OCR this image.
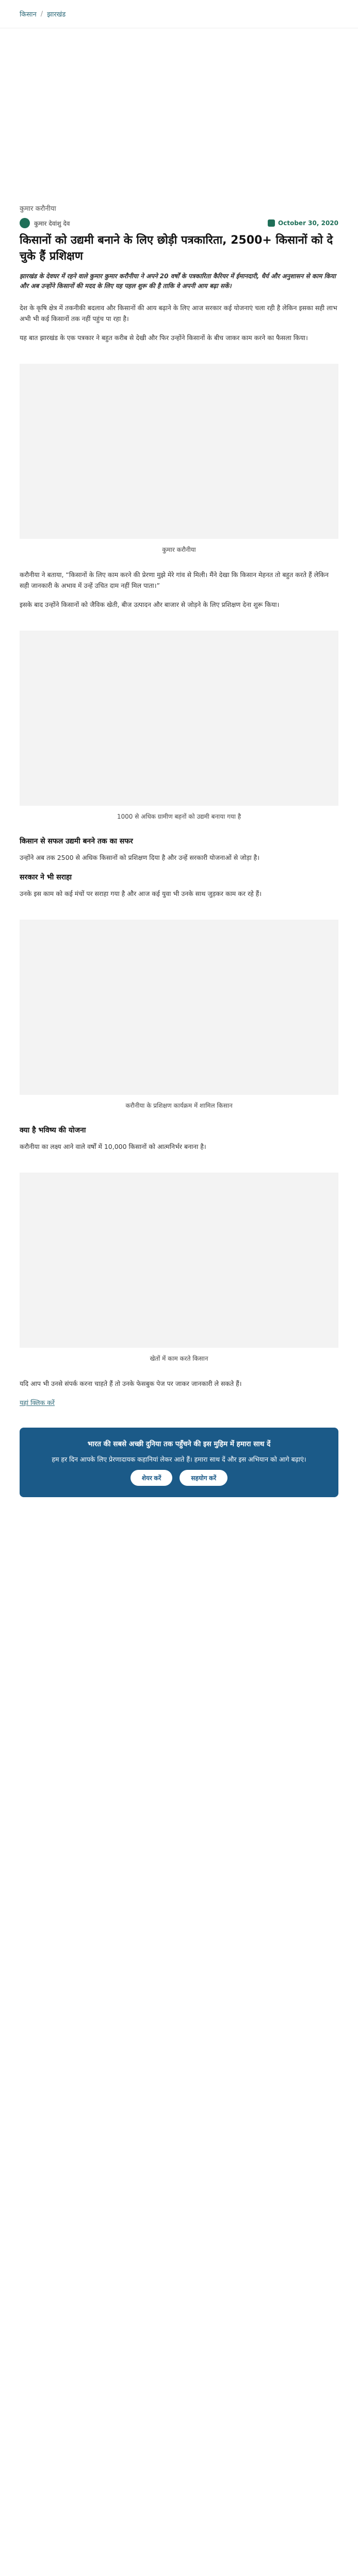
किसान / झारखंड
कुमार करौनीया
कुमार देवांशु देव	October 30, 2020
किसानों को उद्यमी बनाने के लिए छोड़ी पत्रकारिता, 2500+ किसानों को दे चुके हैं प्रशिक्षण
झारखंड के देवघर में रहने वाले कुमार कुमार करौनीया ने अपने 20 वर्षों के पत्रकारिता कैरियर में ईमानदारी, धैर्य और अनुशासन से काम किया और अब उन्होंने किसानों की मदद के लिए यह पहल शुरू की है ताकि वे अपनी आय बढ़ा सकें।

देश के कृषि क्षेत्र में तकनीकी बदलाव और किसानों की आय बढ़ाने के लिए आज सरकार कई योजनाएं चला रही है लेकिन इसका सही लाभ अभी भी कई किसानों तक नहीं पहुंच पा रहा है।

यह बात झारखंड के एक पत्रकार ने बहुत करीब से देखी और फिर उन्होंने किसानों के बीच जाकर काम करने का फैसला किया।

कुमार करौनीया

करौनीया ने बताया, “किसानों के लिए काम करने की प्रेरणा मुझे मेरे गांव से मिली। मैंने देखा कि किसान मेहनत तो बहुत करते हैं लेकिन सही जानकारी के अभाव में उन्हें उचित दाम नहीं मिल पाता।”

इसके बाद उन्होंने किसानों को जैविक खेती, बीज उत्पादन और बाजार से जोड़ने के लिए प्रशिक्षण देना शुरू किया।

1000 से अधिक ग्रामीण बहनों को उद्यमी बनाया गया है
किसान से सफल उद्यमी बनने तक का सफर

उन्होंने अब तक 2500 से अधिक किसानों को प्रशिक्षण दिया है और उन्हें सरकारी योजनाओं से जोड़ा है।

सरकार ने भी सराहा

उनके इस काम को कई मंचों पर सराहा गया है और आज कई युवा भी उनके साथ जुड़कर काम कर रहे हैं।

करौनीया के प्रशिक्षण कार्यक्रम में शामिल किसान
क्या है भविष्य की योजना

करौनीया का लक्ष्य आने वाले वर्षों में 10,000 किसानों को आत्मनिर्भर बनाना है।

खेतों में काम करते किसान

यदि आप भी उनसे संपर्क करना चाहते हैं तो उनके फेसबुक पेज पर जाकर जानकारी ले सकते हैं।

यहां क्लिक करें

भारत की सबसे अच्छी दुनिया तक पहुँचने की इस मुहिम में हमारा साथ दें

हम हर दिन आपके लिए प्रेरणादायक कहानियां लेकर आते हैं। हमारा साथ दें और इस अभियान को आगे बढ़ाएं।

शेयर करें	सहयोग करें
